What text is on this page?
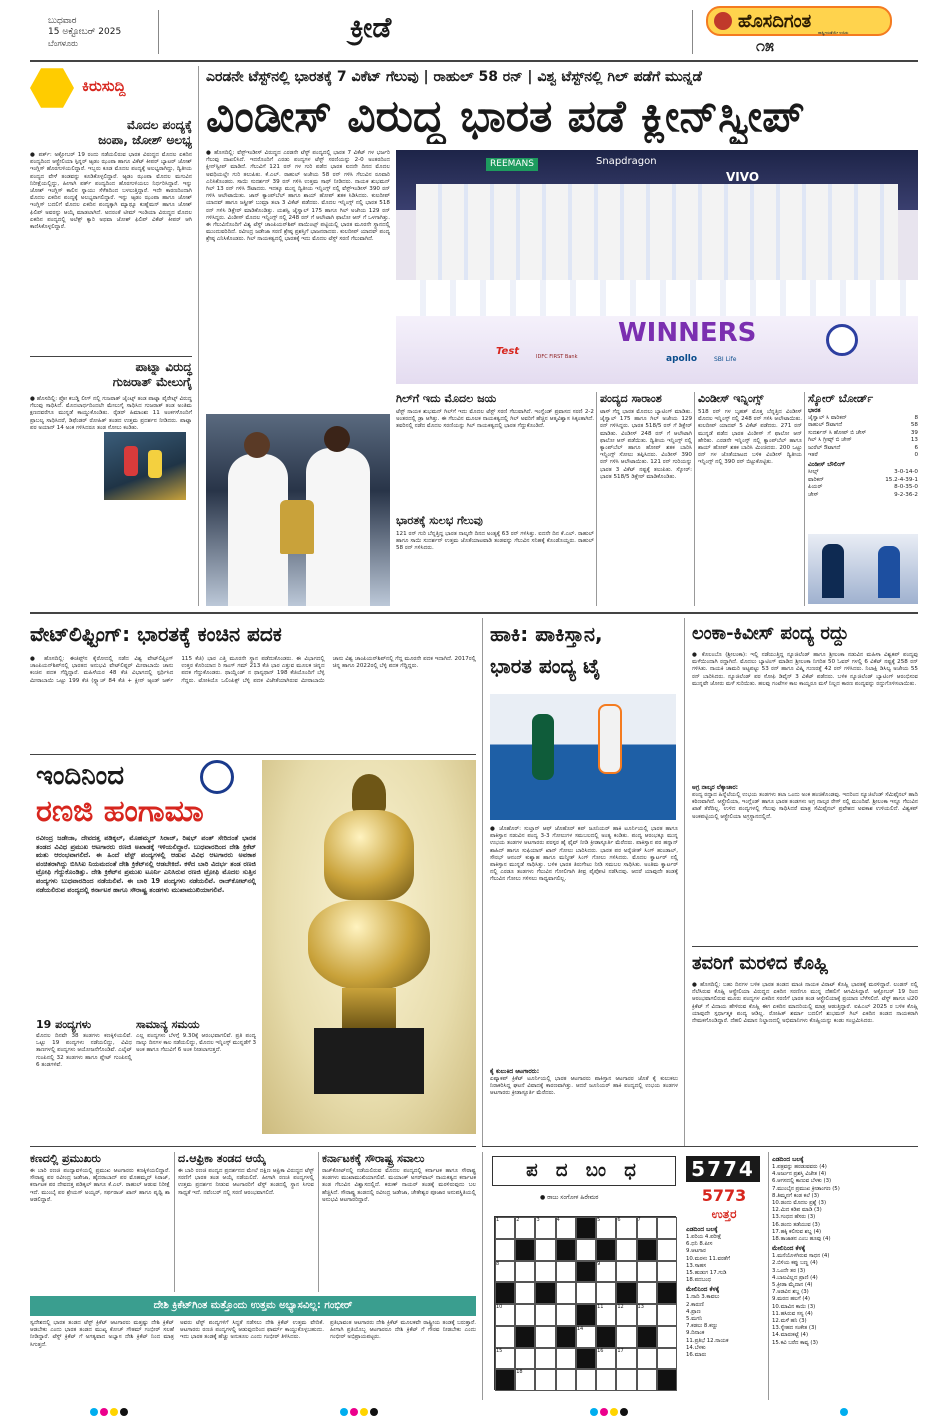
ಬುಧವಾರ
15 ಅಕ್ಟೋಬರ್ 2025
ಬೆಂಗಳೂರು	ಕ್ರೀಡೆ	ಹೊಸದಿಗಂತ
ರಾಷ್ಟ್ರೀಯತೆಯೇ ಉಸಿರು
೧೫
ಕಿರುಸುದ್ದಿ
ಮೊದಲ ಪಂದ್ಯಕ್ಕೆ
ಜಂಪಾ, ಜೋಶ್ ಅಲಭ್ಯ
● ಪರ್ತ್: ಅಕ್ಟೋಬರ್ 19 ರಂದು ನಡೆಯಲಿರುವ ಭಾರತ ವಿರುದ್ಧದ ಮೊದಲ ಏಕದಿನ ಪಂದ್ಯದಿಂದ ಆಸ್ಟ್ರೇಲಿಯಾ ಸ್ಪಿನ್ನರ್ ಆ್ಯಡಂ ಝಂಪಾ ಹಾಗೂ ವಿಕೆಟ್ ಕೀಪರ್ ಬ್ಯಾಟರ್ ಜೋಶ್ ಇಂಗ್ಲಿಸ್ ಹೊರಗುಳಿಯಲಿದ್ದಾರೆ. ಇಬ್ಬರು ಕೂಡ ಮೊದಲ ಪಂದ್ಯಕ್ಕೆ ಅಲಭ್ಯರಾಗಿದ್ದು, ದ್ವಿತೀಯ ಪಂದ್ಯದ ವೇಳೆ ತಂಡವನ್ನು ಕೂಡಿಕೊಳ್ಳಲಿದ್ದಾರೆ. ಆ್ಯಡಂ ಝಂಪಾ ಮೊದಲ ಮಗುವಿನ ನಿರೀಕ್ಷೆಯಲ್ಲಿದ್ದು, ಹೀಗಾಗಿ ಪರ್ತ್ ಪಂದ್ಯದಿಂದ ಹೊರಗುಳಿಯಲು ನಿರ್ಧರಿಸಿದ್ದಾರೆ. ಇನ್ನು ಜೋಶ್ ಇಂಗ್ಲಿಸ್ ಕಾಲಿನ ಸ್ನಾಯು ಸೆಳೆತದಿಂದ ಬಳಲುತ್ತಿದ್ದಾರೆ. ಇದೇ ಕಾರಣದಿಂದಾಗಿ ಮೊದಲ ಏಕದಿನ ಪಂದ್ಯಕ್ಕೆ ಅಲಭ್ಯರಾಗಲಿದ್ದಾರೆ. ಇನ್ನು ಆ್ಯಡಂ ಝಂಪಾ ಹಾಗೂ ಜೋಶ್ ಇಂಗ್ಲಿಸ್ ಬದಲಿಗೆ ಮೊದಲ ಏಕದಿನ ಪಂದ್ಯಕ್ಕಾಗಿ ಮ್ಯಾಥ್ಯೂ ಕುಹ್ನೆಮನ್ ಹಾಗೂ ಜೋಶ್ ಫಿಲಿಪ್ ಅವರನ್ನು ಆಯ್ಕೆ ಮಾಡಲಾಗಿದೆ. ಅದರಂತೆ ಟೀಮ್ ಇಂಡಿಯಾ ವಿರುದ್ಧದ ಮೊದಲ ಏಕದಿನ ಪಂದ್ಯದಲ್ಲಿ ಅಲೆಕ್ಸ್ ಕ್ಯಾರಿ ಅಥವಾ ಜೋಶ್ ಫಿಲಿಪ್ ವಿಕೆಟ್ ಕೀಪರ್ ಆಗಿ ಕಾಣಿಸಿಕೊಳ್ಳಲಿದ್ದಾರೆ.
ಪಾಟ್ನಾ ವಿರುದ್ಧ
ಗುಜರಾತ್ ಮೇಲುಗೈ
● ಹೊಸದಿಲ್ಲಿ: ಪ್ರೋ ಕಬಡ್ಡಿ ಲೀಗ್ ನಲ್ಲಿ ಗುಜರಾತ್ ಜೈಂಟ್ಸ್ ತಂಡ ಪಾಟ್ನಾ ಪೈರೇಟ್ಸ್ ವಿರುದ್ಧ ಗೆಲುವು ಸಾಧಿಸಿದೆ. ಮೊದಲಾರ್ಧದಿಂದಲೇ ಮೇಲುಗೈ ಸಾಧಿಸಿದ ಗುಜರಾತ್ ತಂಡ ಅಂತಿಮ ಕ್ಷಣದವರೆಗೂ ಮುನ್ನಡೆ ಕಾಯ್ದುಕೊಂಡಿತು. ರೈಡರ್ ಹಿಮಾಂಶು 11 ಅಂಕಗಳೊಂದಿಗೆ ಪ್ರಾಬಲ್ಯ ಸಾಧಿಸಿದರೆ, ಡಿಫೆಂಡರ್ ರೋಹಿತ್ ತಂಡದ ಉತ್ತಮ ಪ್ರದರ್ಶನ ನೀಡಿದರು. ಪಾಟ್ನಾ ಪರ ಅಯಾನ್ 14 ಅಂಕ ಗಳಿಸಿದರೂ ತಂಡ ಸೋಲು ಕಂಡಿತು.
ಎರಡನೇ ಟೆಸ್ಟ್‌ನಲ್ಲಿ ಭಾರತಕ್ಕೆ 7 ವಿಕೆಟ್ ಗೆಲುವು | ರಾಹುಲ್ 58 ರನ್ | ವಿಶ್ವ ಟೆಸ್ಟ್‌ನಲ್ಲಿ ಗಿಲ್ ಪಡೆಗೆ ಮುನ್ನಡೆ
ವಿಂಡೀಸ್ ವಿರುದ್ಧ ಭಾರತ ಪಡೆ ಕ್ಲೀನ್‌ಸ್ವೀಪ್
● ಹೊಸದಿಲ್ಲಿ: ವೆಸ್ಟ್‌ಇಂಡೀಸ್ ವಿರುದ್ಧದ ಎರಡನೇ ಟೆಸ್ಟ್ ಪಂದ್ಯದಲ್ಲಿ ಭಾರತ 7 ವಿಕೆಟ್ ಗಳ ಭರ್ಜರಿ ಗೆಲುವು ದಾಖಲಿಸಿದೆ. ಇದರೊಂದಿಗೆ ಎರಡು ಪಂದ್ಯಗಳ ಟೆಸ್ಟ್ ಸರಣಿಯನ್ನು 2-0 ಅಂತರದಿಂದ ಕ್ಲೀನ್‌ಸ್ವೀಪ್ ಮಾಡಿದೆ. ಗೆಲುವಿಗೆ 121 ರನ್ ಗಳ ಗುರಿ ಪಡೆದ ಭಾರತ ಐದನೇ ದಿನದ ಮೊದಲ ಅವಧಿಯಲ್ಲೇ ಗುರಿ ತಲುಪಿತು. ಕೆ.ಎಲ್. ರಾಹುಲ್ ಅಜೇಯ 58 ರನ್ ಗಳಿಸಿ ಗೆಲುವಿನ ರೂವಾರಿ ಎನಿಸಿಕೊಂಡರು. ಸಾಯಿ ಸುದರ್ಶನ್ 39 ರನ್ ಗಳಿಸಿ ಉತ್ತಮ ಸಾಥ್ ನೀಡಿದರು. ನಾಯಕ ಶುಭಮನ್ ಗಿಲ್ 13 ರನ್ ಗಳಿಸಿ ಔಟಾದರು. ಇದಕ್ಕೂ ಮುನ್ನ ದ್ವಿತೀಯ ಇನ್ನಿಂಗ್ಸ್ ನಲ್ಲಿ ವೆಸ್ಟ್‌ಇಂಡೀಸ್ 390 ರನ್ ಗಳಿಸಿ ಆಲೌಟಾಯಿತು. ಜಾನ್ ಕ್ಯಾಂಪ್‌ಬೆಲ್ ಹಾಗೂ ಶಾಯ್ ಹೋಪ್ ಶತಕ ಸಿಡಿಸಿದರು. ಕುಲದೀಪ್ ಯಾದವ್ ಹಾಗೂ ಜಸ್ಪ್ರೀತ್ ಬುಮ್ರಾ ತಲಾ 3 ವಿಕೆಟ್ ಪಡೆದರು. ಮೊದಲ ಇನ್ನಿಂಗ್ಸ್ ನಲ್ಲಿ ಭಾರತ 518 ರನ್ ಗಳಿಸಿ ಡಿಕ್ಲೇರ್ ಮಾಡಿಕೊಂಡಿತ್ತು. ಯಶಸ್ವಿ ಜೈಸ್ವಾಲ್ 175 ಹಾಗೂ ಗಿಲ್ ಅಜೇಯ 129 ರನ್ ಗಳಿಸಿದ್ದರು. ವಿಂಡೀಸ್ ಮೊದಲ ಇನ್ನಿಂಗ್ಸ್ ನಲ್ಲಿ 248 ರನ್ ಗೆ ಆಲೌಟಾಗಿ ಫಾಲೋ ಆನ್ ಗೆ ಒಳಗಾಗಿತ್ತು. ಈ ಗೆಲುವಿನೊಂದಿಗೆ ವಿಶ್ವ ಟೆಸ್ಟ್ ಚಾಂಪಿಯನ್‌ಶಿಪ್ ಪಾಯಿಂಟ್ಸ್ ಪಟ್ಟಿಯಲ್ಲಿ ಭಾರತ ಮೂರನೇ ಸ್ಥಾನದಲ್ಲಿ ಮುಂದುವರಿದಿದೆ. ರವೀಂದ್ರ ಜಡೇಜಾ ಸರಣಿ ಶ್ರೇಷ್ಠ ಪ್ರಶಸ್ತಿಗೆ ಭಾಜನರಾದರು. ಕುಲದೀಪ್ ಯಾದವ್ ಪಂದ್ಯ ಶ್ರೇಷ್ಠ ಎನಿಸಿಕೊಂಡರು. ಗಿಲ್ ನಾಯಕತ್ವದಲ್ಲಿ ಭಾರತಕ್ಕೆ ಇದು ಮೊದಲ ಟೆಸ್ಟ್ ಸರಣಿ ಗೆಲುವಾಗಿದೆ.
Snapdragon
REEMANS
VIVO
WINNERS
Test	IDFC FIRST Bank	apollo	SBI Life
ಗಿಲ್‌ಗೆ ಇದು ಮೊದಲ ಜಯ
ಟೆಸ್ಟ್ ನಾಯಕ ಶುಭಮನ್ ಗಿಲ್‌ಗೆ ಇದು ಮೊದಲ ಟೆಸ್ಟ್ ಸರಣಿ ಗೆಲುವಾಗಿದೆ. ಇಂಗ್ಲೆಂಡ್ ಪ್ರವಾಸದ ಸರಣಿ 2-2 ಅಂತರದಲ್ಲಿ ಡ್ರಾ ಆಗಿತ್ತು. ಈ ಗೆಲುವಿನ ಮೂಲಕ ನಾಯಕತ್ವದಲ್ಲಿ ಗಿಲ್ ಅವರಿಗೆ ಹೆಚ್ಚಿನ ಆತ್ಮವಿಶ್ವಾಸ ಸಿಕ್ಕಂತಾಗಿದೆ. ತವರಿನಲ್ಲಿ ನಡೆದ ಮೊದಲ ಸರಣಿಯನ್ನು ಗಿಲ್ ನಾಯಕತ್ವದಲ್ಲಿ ಭಾರತ ಗೆದ್ದುಕೊಂಡಿದೆ.
ಭಾರತಕ್ಕೆ ಸುಲಭ ಗೆಲುವು
121 ರನ್ ಗುರಿ ಬೆನ್ನತ್ತಿದ್ದ ಭಾರತ ನಾಲ್ಕನೇ ದಿನದ ಅಂತ್ಯಕ್ಕೆ 63 ರನ್ ಗಳಿಸಿತ್ತು. ಐದನೇ ದಿನ ಕೆ.ಎಲ್. ರಾಹುಲ್ ಹಾಗೂ ಸಾಯಿ ಸುದರ್ಶನ್ ಉತ್ತಮ ಜೊತೆಯಾಟವಾಡಿ ತಂಡವನ್ನು ಗೆಲುವಿನ ಸನಿಹಕ್ಕೆ ಕೊಂಡೊಯ್ದರು. ರಾಹುಲ್ 58 ರನ್ ಗಳಿಸಿದರು.
ಪಂದ್ಯದ ಸಾರಾಂಶ
ಟಾಸ್ ಗೆದ್ದ ಭಾರತ ಮೊದಲು ಬ್ಯಾಟಿಂಗ್ ಮಾಡಿತು. ಜೈಸ್ವಾಲ್ 175 ಹಾಗೂ ಗಿಲ್ ಅಜೇಯ 129 ರನ್ ಗಳಿಸಿದ್ದರು. ಭಾರತ 518/5 ರನ್ ಗೆ ಡಿಕ್ಲೇರ್ ಮಾಡಿತು. ವಿಂಡೀಸ್ 248 ರನ್ ಗೆ ಆಲೌಟಾಗಿ ಫಾಲೋ ಆನ್ ಪಡೆಯಿತು. ದ್ವಿತೀಯ ಇನ್ನಿಂಗ್ಸ್ ನಲ್ಲಿ ಕ್ಯಾಂಪ್‌ಬೆಲ್ ಹಾಗೂ ಹೋಪ್ ಶತಕ ಬಾರಿಸಿ ಇನ್ನಿಂಗ್ಸ್ ಸೋಲು ತಪ್ಪಿಸಿದರು. ವಿಂಡೀಸ್ 390 ರನ್ ಗಳಿಸಿ ಆಲೌಟಾಯಿತು. 121 ರನ್ ಗುರಿಯನ್ನು ಭಾರತ 3 ವಿಕೆಟ್ ನಷ್ಟಕ್ಕೆ ತಲುಪಿತು. ಸ್ಕೋರ್: ಭಾರತ 518/5 ಡಿಕ್ಲೇರ್ ಮಾಡಿಕೊಂಡಿತು.
ವಿಂಡೀಸ್ ಇನ್ನಿಂಗ್ಸ್
518 ರನ್ ಗಳ ಬೃಹತ್ ಮೊತ್ತ ಬೆನ್ನತ್ತಿದ ವಿಂಡೀಸ್ ಮೊದಲ ಇನ್ನಿಂಗ್ಸ್ ನಲ್ಲಿ 248 ರನ್ ಗಳಿಸಿ ಆಲೌಟಾಯಿತು. ಕುಲದೀಪ್ ಯಾದವ್ 5 ವಿಕೆಟ್ ಪಡೆದರು. 271 ರನ್ ಮುನ್ನಡೆ ಪಡೆದ ಭಾರತ ವಿಂಡೀಸ್ ಗೆ ಫಾಲೋ ಆನ್ ಹೇರಿತು. ಎರಡನೇ ಇನ್ನಿಂಗ್ಸ್ ನಲ್ಲಿ ಕ್ಯಾಂಪ್‌ಬೆಲ್ ಹಾಗೂ ಶಾಯ್ ಹೋಪ್ ಶತಕ ಬಾರಿಸಿ ಮಿಂಚಿದರು. 200 ಒಟ್ಟು ರನ್ ಗಳ ಜೊತೆಯಾಟದ ಬಳಿಕ ವಿಂಡೀಸ್ ದ್ವಿತೀಯ ಇನ್ನಿಂಗ್ಸ್ ನಲ್ಲಿ 390 ರನ್ ಬಿಟ್ಟುಕೊಟ್ಟಿತು.
ಸ್ಕೋರ್ ಬೋರ್ಡ್
ಭಾರತ
ಜೈಸ್ವಾಲ್ ಸಿ ವಾರಿಕನ್	8
ರಾಹುಲ್ ಔಟಾಗದೆ	58
ಸುದರ್ಶನ್ ಸಿ ಹೋಪ್ ಬಿ ಚೇಸ್	39
ಗಿಲ್ ಸಿ ಗ್ರೀವ್ಸ್ ಬಿ ಚೇಸ್	13
ಜುರೆಲ್ ಔಟಾಗದೆ	6
ಇತರೆ	0
ವಿಂಡೀಸ್ ಬೌಲಿಂಗ್
ಸೀಲ್ಸ್	3-0-14-0
ವಾರಿಕನ್	15.2-4-39-1
ಪಿಯರ್	8-0-35-0
ಚೇಸ್	9-2-36-2
ವೇಟ್‌ಲಿಫ್ಟಿಂಗ್: ಭಾರತಕ್ಕೆ ಕಂಚಿನ ಪದಕ
● ಹೊಸದಿಲ್ಲಿ: ಈಜಿಪ್ಟ್‌ನ ಕೈರೋದಲ್ಲಿ ನಡೆದ ವಿಶ್ವ ವೇಟ್‌ಲಿಫ್ಟಿಂಗ್ ಚಾಂಪಿಯನ್‌ಶಿಪ್‌ನಲ್ಲಿ ಭಾರತದ ಅನುಭವಿ ವೇಟ್‌ಲಿಫ್ಟರ್ ಮೀರಾಬಾಯಿ ಚಾನು ಕಂಚಿನ ಪದಕ ಗೆದ್ದಿದ್ದಾರೆ. ಮಹಿಳೆಯರ 48 ಕೆಜಿ ವಿಭಾಗದಲ್ಲಿ ಸ್ಪರ್ಧಿಸಿದ ಮೀರಾಬಾಯಿ ಒಟ್ಟು 199 ಕೆಜಿ (ಸ್ನ್ಯಾಚ್ 84 ಕೆಜಿ + ಕ್ಲೀನ್ ಆ್ಯಂಡ್ ಜರ್ಕ್ 115 ಕೆಜಿ) ಭಾರ ಎತ್ತಿ ಮೂರನೇ ಸ್ಥಾನ ಪಡೆದುಕೊಂಡರು. ಈ ವಿಭಾಗದಲ್ಲಿ ಉತ್ತರ ಕೊರಿಯಾದ ರಿ ಸಾಂಗ್ ಗಮ್ 213 ಕೆಜಿ ಭಾರ ಎತ್ತುವ ಮೂಲಕ ಚಿನ್ನದ ಪದಕ ಗೆದ್ದುಕೊಂಡರು. ಥಾಯ್ಲೆಂಡ್ ನ ಥಾನ್ಯಥಾನ್ 198 ಕೆಜಿಯೊಂದಿಗೆ ಬೆಳ್ಳಿ ಗೆದ್ದರು. ಟೋಕಿಯೊ ಒಲಿಂಪಿಕ್ಸ್ ಬೆಳ್ಳಿ ಪದಕ ವಿಜೇತೆಯಾಗಿರುವ ಮೀರಾಬಾಯಿ ಚಾನು ವಿಶ್ವ ಚಾಂಪಿಯನ್‌ಶಿಪ್‌ನಲ್ಲಿ ಗೆದ್ದ ಮೂರನೇ ಪದಕ ಇದಾಗಿದೆ. 2017ರಲ್ಲಿ ಚಿನ್ನ ಹಾಗೂ 2022ರಲ್ಲಿ ಬೆಳ್ಳಿ ಪದಕ ಗೆದ್ದಿದ್ದರು.
ಇಂದಿನಿಂದ
ರಣಜಿ ಹಂಗಾಮಾ
ರವೀಂದ್ರ ಜಡೇಜಾ, ದೇವದತ್ತ ಪಡಿಕ್ಕಲ್, ಮೊಹಮ್ಮದ್ ಸಿರಾಜ್, ರಿಷಭ್ ಪಂತ್ ಸೇರಿದಂತೆ ಭಾರತ ತಂಡದ ವಿವಿಧ ಪ್ರಮುಖ ಆಟಗಾರರು ರಣಜಿ ಅಖಾಡಕ್ಕೆ ಇಳಿಯಲಿದ್ದಾರೆ. ಬುಧವಾರದಿಂದ ದೇಶಿ ಕ್ರಿಕೆಟ್ ಋತು ಆರಂಭವಾಗಲಿದೆ. ಈ ಹಿಂದೆ ಟೆಸ್ಟ್ ಪಂದ್ಯಗಳಲ್ಲಿ ಆಡುವ ವಿವಿಧ ಆಟಗಾರರು ಅವಕಾಶ ವಂಚಿತರಾಗಿದ್ದು ಬಿಸಿಸಿಐ ನಿಯಮದಂತೆ ದೇಶಿ ಕ್ರಿಕೆಟ್‌ನಲ್ಲಿ ಆಡಬೇಕಿದೆ. ಕಳೆದ ಬಾರಿ ವಿದರ್ಭ ತಂಡ ರಣಜಿ ಟ್ರೋಫಿ ಗೆದ್ದುಕೊಂಡಿತ್ತು. ದೇಶಿ ಕ್ರಿಕೆಟ್‌ನ ಪ್ರಮುಖ ಟೂರ್ನಿ ಎನಿಸಿರುವ ರಣಜಿ ಟ್ರೋಫಿ ಮೊದಲ ಸುತ್ತಿನ ಪಂದ್ಯಗಳು ಬುಧವಾರದಿಂದ ನಡೆಯಲಿವೆ. ಈ ಬಾರಿ 19 ಪಂದ್ಯಗಳು ನಡೆಯಲಿವೆ. ರಾಜ್‌ಕೋಟ್‌ನಲ್ಲಿ ನಡೆಯಲಿರುವ ಪಂದ್ಯದಲ್ಲಿ ಕರ್ನಾಟಕ ಹಾಗೂ ಸೌರಾಷ್ಟ್ರ ತಂಡಗಳು ಮುಖಾಮುಖಿಯಾಗಲಿವೆ.
19 ಪಂದ್ಯಗಳು
ಮೊದಲ ದಿನವೇ 38 ತಂಡಗಳು ಕಣಕ್ಕಿಳಿಯಲಿವೆ. ಒಟ್ಟು 19 ಪಂದ್ಯಗಳು ನಡೆಯಲಿದ್ದು, ವಿವಿಧ ತಾಣಗಳಲ್ಲಿ ಪಂದ್ಯಗಳು ಆಯೋಜನೆಗೊಂಡಿವೆ. ಎಲೈಟ್ ಗುಂಪಿನಲ್ಲಿ 32 ತಂಡಗಳು ಹಾಗೂ ಪ್ಲೇಟ್ ಗುಂಪಿನಲ್ಲಿ 6 ತಂಡಗಳಿವೆ.
ಸಾಮಾನ್ಯ ಸಮಯ
ಎಲ್ಲ ಪಂದ್ಯಗಳು ಬೆಳಗ್ಗೆ 9.30ಕ್ಕೆ ಆರಂಭವಾಗಲಿವೆ. ಪ್ರತಿ ಪಂದ್ಯ ನಾಲ್ಕು ದಿನಗಳ ಕಾಲ ನಡೆಯಲಿದ್ದು, ಮೊದಲ ಇನ್ನಿಂಗ್ಸ್ ಮುನ್ನಡೆಗೆ 3 ಅಂಕ ಹಾಗೂ ಗೆಲುವಿಗೆ 6 ಅಂಕ ನೀಡಲಾಗುತ್ತದೆ.
ಹಾಕಿ: ಪಾಕಿಸ್ತಾನ,
ಭಾರತ ಪಂದ್ಯ ಟೈ
● ಜೊಹೊರ್: ಸುಲ್ತಾನ್ ಆಫ್ ಜೊಹೊರ್ ಕಪ್ ಜೂನಿಯರ್ ಹಾಕಿ ಟೂರ್ನಿಯಲ್ಲಿ ಭಾರತ ಹಾಗೂ ಪಾಕಿಸ್ತಾನ ನಡುವಿನ ಪಂದ್ಯ 3-3 ಗೋಲುಗಳ ಸಮಬಲದಲ್ಲಿ ಅಂತ್ಯ ಕಂಡಿತು. ಪಂದ್ಯ ಆರಂಭಕ್ಕೂ ಮುನ್ನ ಉಭಯ ತಂಡಗಳ ಆಟಗಾರರು ಪರಸ್ಪರ ಹೈ ಫೈವ್ ನೀಡಿ ಕ್ರೀಡಾಸ್ಫೂರ್ತಿ ಮೆರೆದರು. ಪಾಕಿಸ್ತಾನ ಪರ ಹನ್ನಾನ್ ಶಾಹಿದ್ ಹಾಗೂ ಸುಫಿಯಾನ್ ಖಾನ್ ಗೋಲು ಬಾರಿಸಿದರು. ಭಾರತ ಪರ ಅರೈಜೀತ್ ಸಿಂಗ್ ಹುಂಡಾಲ್, ಸೌರಭ್ ಆನಂದ್ ಕುಶ್ವಾಹ ಹಾಗೂ ಮನ್ಮೀತ್ ಸಿಂಗ್ ಗೋಲು ಗಳಿಸಿದರು. ಮೊದಲ ಕ್ವಾರ್ಟರ್ ನಲ್ಲಿ ಪಾಕಿಸ್ತಾನ ಮುನ್ನಡೆ ಸಾಧಿಸಿತ್ತು. ಬಳಿಕ ಭಾರತ ತಿರುಗೇಟು ನೀಡಿ ಸಮಬಲ ಸಾಧಿಸಿತು. ಅಂತಿಮ ಕ್ವಾರ್ಟರ್ ನಲ್ಲಿ ಎರಡೂ ತಂಡಗಳು ಗೆಲುವಿನ ಗೋಲಿಗಾಗಿ ತೀವ್ರ ಪೈಪೋಟಿ ನಡೆಸಿದವು. ಆದರೆ ಯಾವುದೇ ತಂಡಕ್ಕೆ ಗೆಲುವಿನ ಗೋಲು ಗಳಿಸಲು ಸಾಧ್ಯವಾಗಲಿಲ್ಲ.
ಕೈ ಕುಲುಕಿದ ಆಟಗಾರರು:
ಏಷ್ಯಾಕಪ್ ಕ್ರಿಕೆಟ್ ಟೂರ್ನಿಯಲ್ಲಿ ಭಾರತ ಆಟಗಾರರು ಪಾಕಿಸ್ತಾನ ಆಟಗಾರರ ಜೊತೆ ಕೈ ಕುಲುಕಲು ನಿರಾಕರಿಸಿದ್ದ ಘಟನೆ ವಿವಾದಕ್ಕೆ ಕಾರಣವಾಗಿತ್ತು. ಆದರೆ ಜೂನಿಯರ್ ಹಾಕಿ ಪಂದ್ಯದಲ್ಲಿ ಉಭಯ ತಂಡಗಳ ಆಟಗಾರರು ಕ್ರೀಡಾಸ್ಫೂರ್ತಿ ಮೆರೆದರು.
ಲಂಕಾ-ಕಿವೀಸ್ ಪಂದ್ಯ ರದ್ದು
● ಕೊಲಂಬೊ (ಶ್ರೀಲಂಕಾ): ಇಲ್ಲಿ ನಡೆಯುತ್ತಿದ್ದ ನ್ಯೂಜಿಲೆಂಡ್ ಹಾಗೂ ಶ್ರೀಲಂಕಾ ನಡುವಿನ ಮಹಿಳಾ ವಿಶ್ವಕಪ್ ಪಂದ್ಯವು ಮಳೆಯಿಂದಾಗಿ ರದ್ದಾಗಿದೆ. ಮೊದಲು ಬ್ಯಾಟಿಂಗ್ ಮಾಡಿದ ಶ್ರೀಲಂಕಾ ನಿಗದಿತ 50 ಓವರ್ ಗಳಲ್ಲಿ 6 ವಿಕೆಟ್ ನಷ್ಟಕ್ಕೆ 258 ರನ್ ಗಳಿಸಿತು. ನಾಯಕಿ ಚಾಮರಿ ಅಟ್ಟಪಟ್ಟು 53 ರನ್ ಹಾಗೂ ವಿಷ್ಮಿ ಗುಣರತ್ನೆ 42 ರನ್ ಗಳಿಸಿದರು. ನಿಲಾಕ್ಷಿ ಡಿಸಿಲ್ವ ಅಜೇಯ 55 ರನ್ ಬಾರಿಸಿದರು. ನ್ಯೂಜಿಲೆಂಡ್ ಪರ ಸೋಫಿ ಡಿವೈನ್ 3 ವಿಕೆಟ್ ಪಡೆದರು. ಬಳಿಕ ನ್ಯೂಜಿಲೆಂಡ್ ಬ್ಯಾಟಿಂಗ್ ಆರಂಭಿಸುವ ಮುನ್ನವೇ ಜೋರು ಮಳೆ ಸುರಿಯಿತು. ಹಲವು ಗಂಟೆಗಳ ಕಾಲ ಕಾಯ್ದರೂ ಮಳೆ ನಿಲ್ಲದ ಕಾರಣ ಪಂದ್ಯವನ್ನು ರದ್ದುಗೊಳಿಸಲಾಯಿತು.
ಅಗ್ರ ನಾಲ್ಕರ ಲೆಕ್ಕಾಚಾರ:
ಪಂದ್ಯ ರದ್ದಾದ ಹಿನ್ನೆಲೆಯಲ್ಲಿ ಉಭಯ ತಂಡಗಳು ತಲಾ ಒಂದು ಅಂಕ ಹಂಚಿಕೊಂಡವು. ಇದರಿಂದ ನ್ಯೂಜಿಲೆಂಡ್ ಸೆಮಿಫೈನಲ್ ಹಾದಿ ಕಠಿಣವಾಗಿದೆ. ಆಸ್ಟ್ರೇಲಿಯಾ, ಇಂಗ್ಲೆಂಡ್ ಹಾಗೂ ಭಾರತ ತಂಡಗಳು ಅಗ್ರ ನಾಲ್ಕರ ರೇಸ್ ನಲ್ಲಿ ಮುಂದಿವೆ. ಶ್ರೀಲಂಕಾ ಇನ್ನೂ ಗೆಲುವಿನ ಖಾತೆ ತೆರೆದಿಲ್ಲ. ಉಳಿದ ಪಂದ್ಯಗಳಲ್ಲಿ ಗೆಲುವು ಸಾಧಿಸಿದರೆ ಮಾತ್ರ ಸೆಮಿಫೈನಲ್ ಪ್ರವೇಶದ ಅವಕಾಶ ಉಳಿಯಲಿದೆ. ವಿಶ್ವಕಪ್ ಅಂಕಪಟ್ಟಿಯಲ್ಲಿ ಆಸ್ಟ್ರೇಲಿಯಾ ಅಗ್ರಸ್ಥಾನದಲ್ಲಿದೆ.
ತವರಿಗೆ ಮರಳಿದ ಕೊಹ್ಲಿ
● ಹೊಸದಿಲ್ಲಿ: ಬಹು ದಿನಗಳ ಬಳಿಕ ಭಾರತ ತಂಡದ ಮಾಜಿ ನಾಯಕ ವಿರಾಟ್ ಕೊಹ್ಲಿ ಭಾರತಕ್ಕೆ ಮರಳಿದ್ದಾರೆ. ಲಂಡನ್ ನಲ್ಲಿ ನೆಲೆಸಿರುವ ಕೊಹ್ಲಿ ಆಸ್ಟ್ರೇಲಿಯಾ ವಿರುದ್ಧದ ಏಕದಿನ ಸರಣಿಗೂ ಮುನ್ನ ದೆಹಲಿಗೆ ಆಗಮಿಸಿದ್ದಾರೆ. ಅಕ್ಟೋಬರ್ 19 ರಿಂದ ಆರಂಭವಾಗಲಿರುವ ಮೂರು ಪಂದ್ಯಗಳ ಏಕದಿನ ಸರಣಿಗೆ ಭಾರತ ತಂಡ ಆಸ್ಟ್ರೇಲಿಯಾಕ್ಕೆ ಪ್ರಯಾಣ ಬೆಳೆಸಲಿದೆ. ಟೆಸ್ಟ್ ಹಾಗೂ ಟಿ20 ಕ್ರಿಕೆಟ್ ಗೆ ವಿದಾಯ ಹೇಳಿರುವ ಕೊಹ್ಲಿ ಈಗ ಏಕದಿನ ಮಾದರಿಯಲ್ಲಿ ಮಾತ್ರ ಆಡುತ್ತಿದ್ದಾರೆ. ಐಪಿಎಲ್ 2025 ರ ಬಳಿಕ ಕೊಹ್ಲಿ ಯಾವುದೇ ಸ್ಪರ್ಧಾತ್ಮಕ ಪಂದ್ಯ ಆಡಿಲ್ಲ. ರೋಹಿತ್ ಶರ್ಮಾ ಬದಲಿಗೆ ಶುಭಮನ್ ಗಿಲ್ ಏಕದಿನ ತಂಡದ ನಾಯಕರಾಗಿ ನೇಮಕಗೊಂಡಿದ್ದಾರೆ. ದೆಹಲಿ ವಿಮಾನ ನಿಲ್ದಾಣದಲ್ಲಿ ಅಭಿಮಾನಿಗಳು ಕೊಹ್ಲಿಯನ್ನು ಕಂಡು ಸಂಭ್ರಮಿಸಿದರು.
ಕಣದಲ್ಲಿ ಪ್ರಮುಖರು
ಈ ಬಾರಿ ರಣಜಿ ಪಂದ್ಯಾವಳಿಯಲ್ಲಿ ಪ್ರಮುಖ ಆಟಗಾರರು ಕಣಕ್ಕಿಳಿಯಲಿದ್ದಾರೆ. ಸೌರಾಷ್ಟ್ರ ಪರ ರವೀಂದ್ರ ಜಡೇಜಾ, ಹೈದರಾಬಾದ್ ಪರ ಮೊಹಮ್ಮದ್ ಸಿರಾಜ್, ಕರ್ನಾಟಕ ಪರ ದೇವದತ್ತ ಪಡಿಕ್ಕಲ್ ಹಾಗೂ ಕೆ.ಎಲ್. ರಾಹುಲ್ ಆಡುವ ನಿರೀಕ್ಷೆ ಇದೆ. ಮುಂಬೈ ಪರ ಶ್ರೇಯಸ್ ಅಯ್ಯರ್, ಸರ್ಫರಾಜ್ ಖಾನ್ ಹಾಗೂ ಪೃಥ್ವಿ ಶಾ ಆಡಲಿದ್ದಾರೆ.
ದ.ಆಫ್ರಿಕಾ ತಂಡದ ಆಯ್ಕೆ
ಈ ಬಾರಿ ರಣಜಿ ಪಂದ್ಯದ ಪ್ರದರ್ಶನದ ಮೇಲೆ ದಕ್ಷಿಣ ಆಫ್ರಿಕಾ ವಿರುದ್ಧದ ಟೆಸ್ಟ್ ಸರಣಿಗೆ ಭಾರತ ತಂಡ ಆಯ್ಕೆ ನಡೆಯಲಿದೆ. ಹೀಗಾಗಿ ರಣಜಿ ಪಂದ್ಯಗಳಲ್ಲಿ ಉತ್ತಮ ಪ್ರದರ್ಶನ ನೀಡುವ ಆಟಗಾರರಿಗೆ ಟೆಸ್ಟ್ ತಂಡದಲ್ಲಿ ಸ್ಥಾನ ಸಿಗುವ ಸಾಧ್ಯತೆ ಇದೆ. ನವೆಂಬರ್ ನಲ್ಲಿ ಸರಣಿ ಆರಂಭವಾಗಲಿದೆ.
ಕರ್ನಾಟಕಕ್ಕೆ ಸೌರಾಷ್ಟ್ರ ಸವಾಲು
ರಾಜ್‌ಕೋಟ್‌ನಲ್ಲಿ ನಡೆಯಲಿರುವ ಮೊದಲ ಪಂದ್ಯದಲ್ಲಿ ಕರ್ನಾಟಕ ಹಾಗೂ ಸೌರಾಷ್ಟ್ರ ತಂಡಗಳು ಮುಖಾಮುಖಿಯಾಗಲಿವೆ. ಮಯಾಂಕ್ ಅಗರ್‌ವಾಲ್ ನಾಯಕತ್ವದ ಕರ್ನಾಟಕ ತಂಡ ಗೆಲುವಿನ ವಿಶ್ವಾಸದಲ್ಲಿದೆ. ಕರುಣ್ ನಾಯರ್ ತಂಡಕ್ಕೆ ಮರಳಿರುವುದು ಬಲ ಹೆಚ್ಚಿಸಿದೆ. ಸೌರಾಷ್ಟ್ರ ತಂಡದಲ್ಲಿ ರವೀಂದ್ರ ಜಡೇಜಾ, ಚೇತೇಶ್ವರ ಪೂಜಾರ ಅನುಪಸ್ಥಿತಿಯಲ್ಲಿ ಅನುಭವಿ ಆಟಗಾರರಿದ್ದಾರೆ.
ದೇಶಿ ಕ್ರಿಕೆಟ್‌ಗಿಂತ ಮತ್ತೊಂದು ಉತ್ತಮ ಅಭ್ಯಾಸವಿಲ್ಲ: ಗಂಭೀರ್
ಸ್ವದೇಶದಲ್ಲಿ ಭಾರತ ತಂಡದ ಟೆಸ್ಟ್ ಕ್ರಿಕೆಟ್ ಆಟಗಾರರು ಮತ್ತಷ್ಟು ದೇಶಿ ಕ್ರಿಕೆಟ್ ಆಡಬೇಕು ಎಂದು ಭಾರತ ತಂಡದ ಮುಖ್ಯ ಕೋಚ್ ಗೌತಮ್ ಗಂಭೀರ್ ಸಲಹೆ ನೀಡಿದ್ದಾರೆ. ಟೆಸ್ಟ್ ಕ್ರಿಕೆಟ್ ಗೆ ಅಗತ್ಯವಾದ ಅಭ್ಯಾಸ ದೇಶಿ ಕ್ರಿಕೆಟ್ ನಿಂದ ಮಾತ್ರ ಸಿಗುತ್ತದೆ.
ಅವರು ಟೆಸ್ಟ್ ಪಂದ್ಯಗಳಿಗೆ ಸಿದ್ಧತೆ ನಡೆಸಲು ದೇಶಿ ಕ್ರಿಕೆಟ್ ಉತ್ತಮ ವೇದಿಕೆ. ಆಟಗಾರರು ರಣಜಿ ಪಂದ್ಯಗಳಲ್ಲಿ ಆಡುವುದರಿಂದ ಫಾರ್ಮ್ ಕಾಯ್ದುಕೊಳ್ಳಬಹುದು. ಇದು ಭಾರತ ತಂಡಕ್ಕೆ ಹೆಚ್ಚು ಅನುಕೂಲ ಎಂದು ಗಂಭೀರ್ ತಿಳಿಸಿದರು.
ಪ್ರತಿಭಾವಂತ ಆಟಗಾರರು ದೇಶಿ ಕ್ರಿಕೆಟ್ ಮೂಲಕವೇ ರಾಷ್ಟ್ರೀಯ ತಂಡಕ್ಕೆ ಬರುತ್ತಾರೆ. ಹೀಗಾಗಿ ಪ್ರತಿಯೊಬ್ಬ ಆಟಗಾರರೂ ದೇಶಿ ಕ್ರಿಕೆಟ್ ಗೆ ಗೌರವ ನೀಡಬೇಕು ಎಂದು ಗಂಭೀರ್ ಅಭಿಪ್ರಾಯಪಟ್ಟರು.
ಪ ದ ಬಂ ಧ
● ರಾಜು ಸಂಗೋಳ ಹಿರೇಮಠ
1	2	3	4	5	6	7
8	9
10	11	12	13
14
15	16	17
18
5774
5773
ಉತ್ತರ
ಎಡದಿಂದ ಬಲಕ್ಕೆ
1.ಪರಿಯ 4.ಪರೀಕ್ಷೆ
6.ಧನಿ 8.ಪೀಸ
9.ಆಟಗಾರ
10.ಮರಳು 11.ವರತೆಗೆ
13.ಸಾಹಸ
15.ಹುಡುಗ 17.ಗುಡಿ
18.ಪದಬಂಧ
ಮೇಲಿನಿಂದ ಕೆಳಕ್ಕೆ
1.ನಾದಿ 3.ಕಾವಲು
2.ಕಾರುಣಿ
4.ಪ್ರಾಣ
5.ಮಗನಿ
7.ಕಡಲು 8.ಕಣ್ಣು
9.ದಿನಾಂಕ
11.ಪ್ರತಿಭೆ 12.ನಾಯಕ
14.ಬೆಳಕು
16.ಮಾರು
ಎಡದಿಂದ ಬಲಕ್ಕೆ
1.ಪತ್ರವನ್ನು ಹರಡುವವರು (4)
4.ಅರ್ಜುನ ಪ್ರಶಸ್ತಿ ವಿಜೇತ (4)
6.ಆಗಸದಲ್ಲಿ ಕಾಣುವ ಬೆಳಕು (3)
7.ಮುಂಬೈನ ಪ್ರಮುಖ ಕ್ರೀಡಾಂಗಣ (5)
8.ತಿಮ್ಮನಗೆ ಕಂಡ ಕಲೆ (3)
10.ಡಂದು ಮೊದಲ ಪ್ರಶ್ನೆ (3)
12.ಮಿದ ಕಡಿಪ ಮಾಡಿ (3)
13.ಗಂಧದ ಹೆಸರು (3)
16.ಡಂದು ತಡೆಯುವ (3)
17.ಹಕ್ಕಿ ಕಲಿಸುವ ಶಬ್ದ (4)
18.ತಾಜಾತನ ಎಂಬ ಹೂವು (4)
ಮೇಲಿನಿಂದ ಕೆಳಕ್ಕೆ
1.ಮನೆಯೊಳಗಿರುವ ಸಾಧನ (4)
2.ಬಿಳಿಯ ಕಪ್ಪು ಬಣ್ಣ (4)
3.ಒಂದೇ ತರ (3)
4.ಬಾಲವಿಲ್ಲದ ಪ್ರಾಣಿ (4)
5.ಕ್ರೀಡಾ ಮೈದಾನ (4)
7.ಅಡವಿನ ಶಬ್ದ (3)
9.ಮರದ ಹಲಗೆ (4)
10.ಮಾವಿನ ಕಾಯಿ (3)
11.ಹಸಿರುವ ಸಸ್ಯ (4)
12.ಮಳೆ ಹನಿ (3)
13.ಸ್ನೇಹದ ಸಂಕೇತ (3)
14.ಮಾರುಕಟ್ಟೆ (4)
15.ಕವಿ ಬರೆದ ಕಾವ್ಯ (3)
